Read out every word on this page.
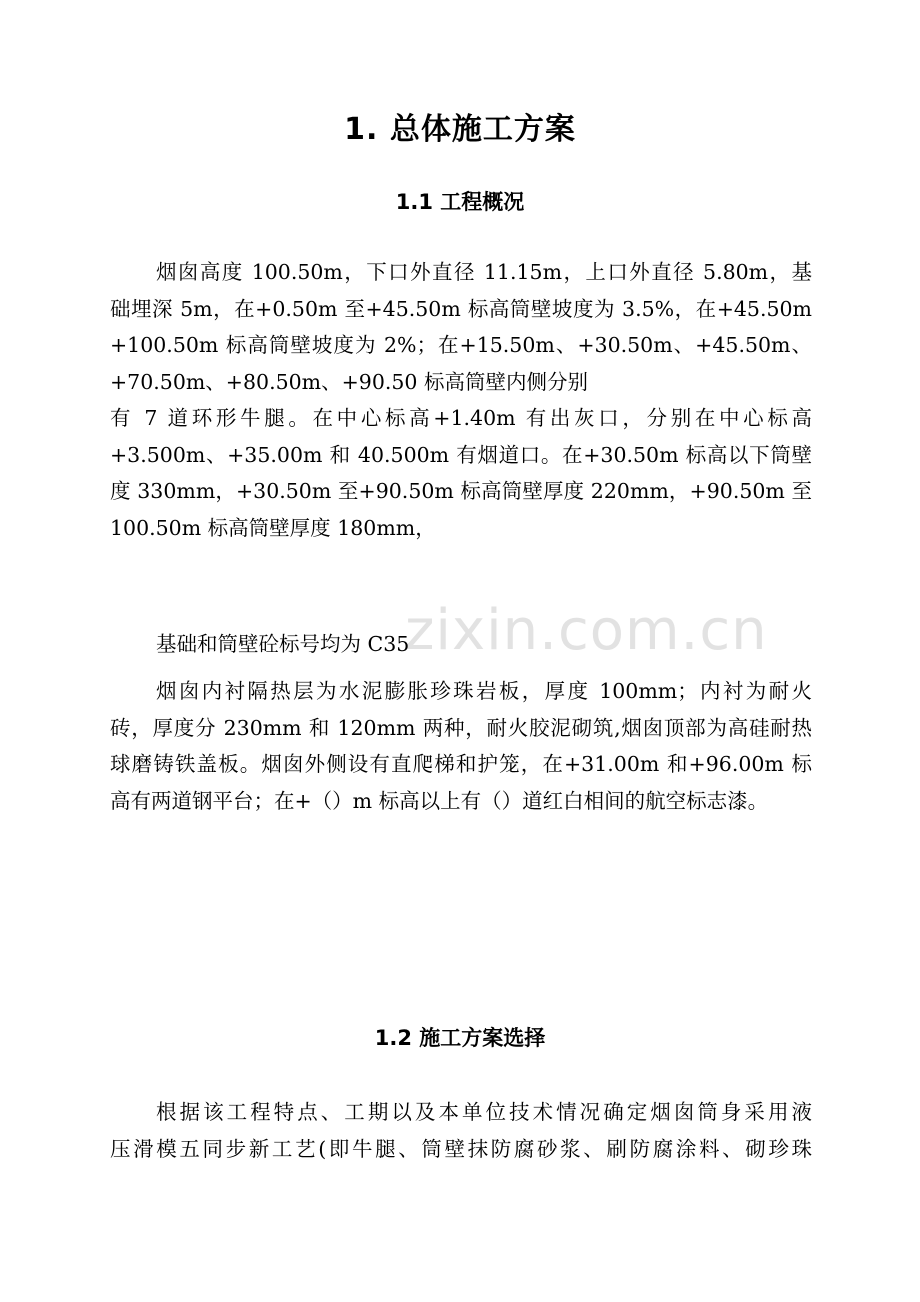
zixin.com.cn
1. 总体施工方案
1.1 工程概况
烟囱高度 100.50m，下口外直径 11.15m，上口外直径 5.80m，基
础埋深 5m，在+0.50m 至+45.50m 标高筒壁坡度为 3.5%，在+45.50m
+100.50m 标高筒壁坡度为 2%；在+15.50m、+30.50m、+45.50m、
+70.50m、+80.50m、+90.50 标高筒壁内侧分别
有 7 道环形牛腿。在中心标高+1.40m 有出灰口，分别在中心标高
+3.500m、+35.00m 和 40.500m 有烟道口。在+30.50m 标高以下筒壁
度 330mm，+30.50m 至+90.50m 标高筒壁厚度 220mm，+90.50m 至
100.50m 标高筒壁厚度 180mm，
基础和筒壁砼标号均为 C35
烟囱内衬隔热层为水泥膨胀珍珠岩板，厚度 100mm；内衬为耐火
砖，厚度分 230mm 和 120mm 两种，耐火胶泥砌筑,烟囱顶部为高硅耐热
球磨铸铁盖板。烟囱外侧设有直爬梯和护笼，在+31.00m 和+96.00m 标
高有两道钢平台；在+（）m 标高以上有（）道红白相间的航空标志漆。
1.2 施工方案选择
根据该工程特点、工期以及本单位技术情况确定烟囱筒身采用液
压滑模五同步新工艺(即牛腿、筒壁抹防腐砂浆、刷防腐涂料、砌珍珠
